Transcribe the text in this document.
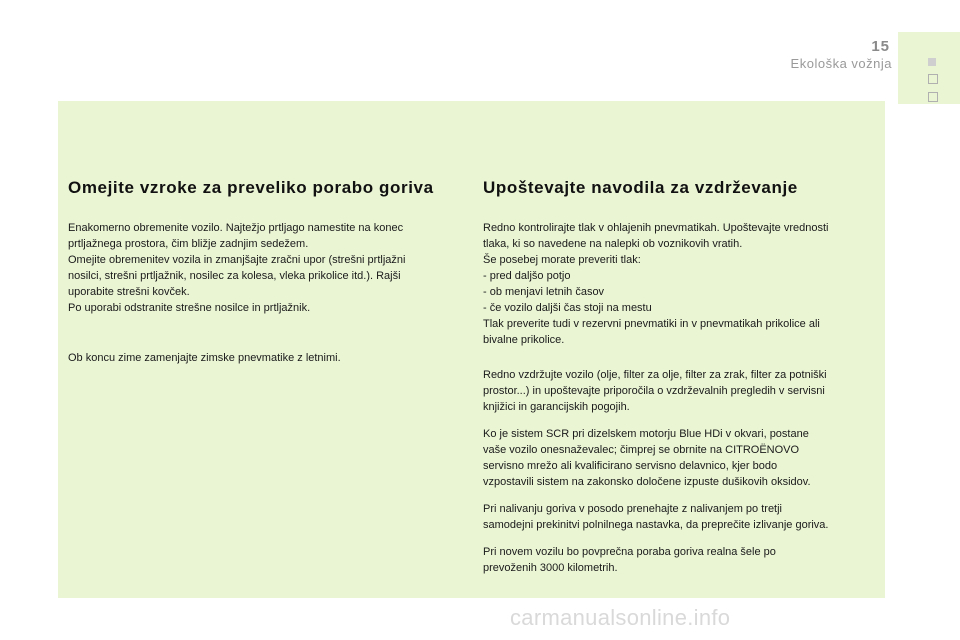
15
Ekološka vožnja
Omejite vzroke za preveliko porabo goriva	Upoštevajte navodila za vzdrževanje

Enakomerno obremenite vozilo. Najtežjo prtljago namestite na konec
prtljažnega prostora, čim bližje zadnjim sedežem.
Omejite obremenitev vozila in zmanjšajte zračni upor (strešni prtljažni
nosilci, strešni prtljažnik, nosilec za kolesa, vleka prikolice itd.). Rajši
uporabite strešni kovček.
Po uporabi odstranite strešne nosilce in prtljažnik.

Ob koncu zime zamenjajte zimske pnevmatike z letnimi.

Redno kontrolirajte tlak v ohlajenih pnevmatikah. Upoštevajte vrednosti
tlaka, ki so navedene na nalepki ob voznikovih vratih.
Še posebej morate preveriti tlak:
- pred daljšo potjo
- ob menjavi letnih časov
- če vozilo daljši čas stoji na mestu
Tlak preverite tudi v rezervni pnevmatiki in v pnevmatikah prikolice ali
bivalne prikolice.

Redno vzdržujte vozilo (olje, filter za olje, filter za zrak, filter za potniški
prostor...) in upoštevajte priporočila o vzdrževalnih pregledih v servisni
knjižici in garancijskih pogojih.

Ko je sistem SCR pri dizelskem motorju Blue HDi v okvari, postane
vaše vozilo onesnaževalec; čimprej se obrnite na CITROËNOVO
servisno mrežo ali kvalificirano servisno delavnico, kjer bodo
vzpostavili sistem na zakonsko določene izpuste dušikovih oksidov.

Pri nalivanju goriva v posodo prenehajte z nalivanjem po tretji
samodejni prekinitvi polnilnega nastavka, da preprečite izlivanje goriva.

Pri novem vozilu bo povprečna poraba goriva realna šele po
prevoženih 3000 kilometrih.

carmanualsonline.info
